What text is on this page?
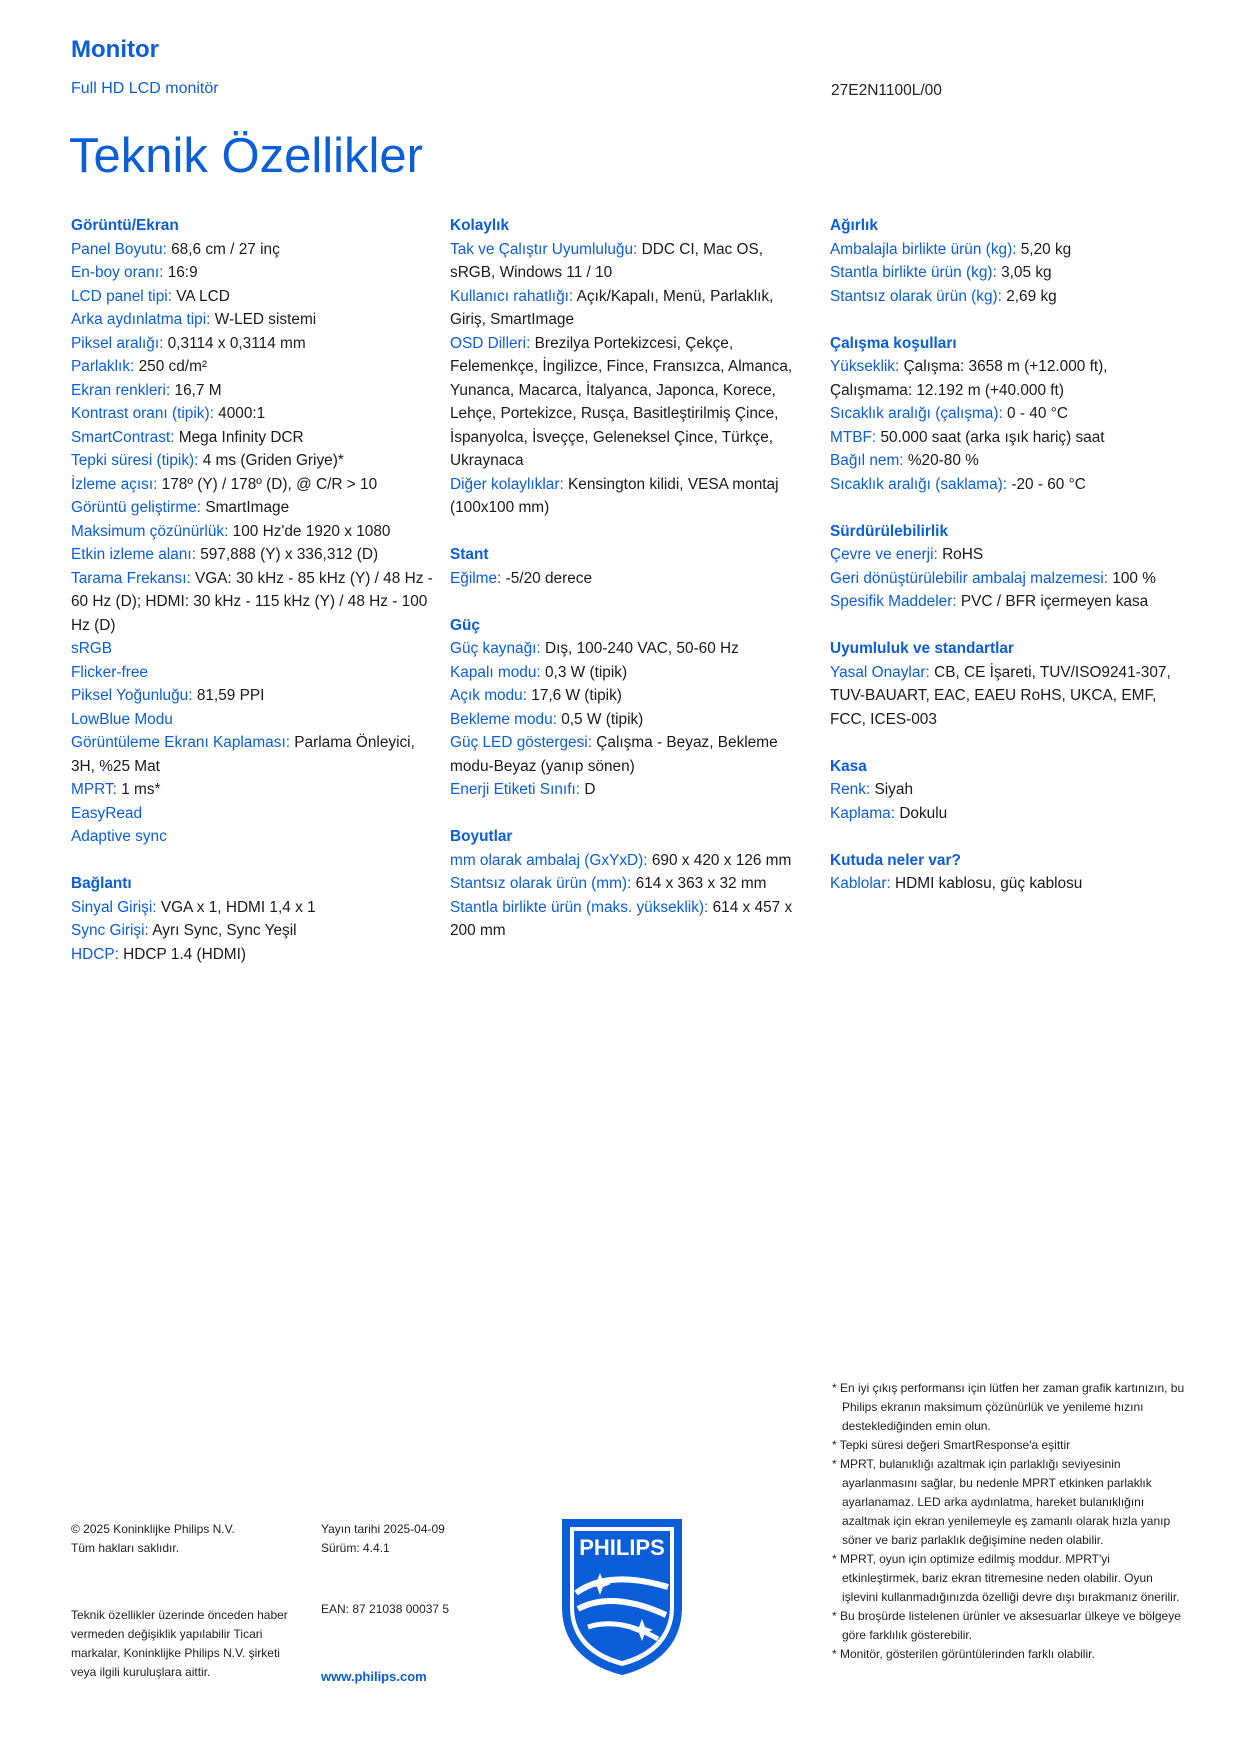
Monitor
Full HD LCD monitör	27E2N1100L/00
Teknik Özellikler
Görüntü/Ekran
Panel Boyutu: 68,6 cm / 27 inç
En-boy oranı: 16:9
LCD panel tipi: VA LCD
Arka aydınlatma tipi: W-LED sistemi
Piksel aralığı: 0,3114 x 0,3114 mm
Parlaklık: 250 cd/m²
Ekran renkleri: 16,7 M
Kontrast oranı (tipik): 4000:1
SmartContrast: Mega Infinity DCR
Tepki süresi (tipik): 4 ms (Griden Griye)*
İzleme açısı: 178º (Y) / 178º (D), @ C/R > 10
Görüntü geliştirme: SmartImage
Maksimum çözünürlük: 100 Hz'de 1920 x 1080
Etkin izleme alanı: 597,888 (Y) x 336,312 (D)
Tarama Frekansı: VGA: 30 kHz - 85 kHz (Y) / 48 Hz - 60 Hz (D); HDMI: 30 kHz - 115 kHz (Y) / 48 Hz - 100 Hz (D)
sRGB
Flicker-free
Piksel Yoğunluğu: 81,59 PPI
LowBlue Modu
Görüntüleme Ekranı Kaplaması: Parlama Önleyici, 3H, %25 Mat
MPRT: 1 ms*
EasyRead
Adaptive sync
Bağlantı
Sinyal Girişi: VGA x 1, HDMI 1,4 x 1
Sync Girişi: Ayrı Sync, Sync Yeşil
HDCP: HDCP 1.4 (HDMI)
Kolaylık
Tak ve Çalıştır Uyumluluğu: DDC CI, Mac OS, sRGB, Windows 11 / 10
Kullanıcı rahatlığı: Açık/Kapalı, Menü, Parlaklık, Giriş, SmartImage
OSD Dilleri: Brezilya Portekizcesi, Çekçe, Felemenkçe, İngilizce, Fince, Fransızca, Almanca, Yunanca, Macarca, İtalyanca, Japonca, Korece, Lehçe, Portekizce, Rusça, Basitleştirilmiş Çince, İspanyolca, İsveççe, Geleneksel Çince, Türkçe, Ukraynaca
Diğer kolaylıklar: Kensington kilidi, VESA montaj (100x100 mm)
Stant
Eğilme: -5/20 derece
Güç
Güç kaynağı: Dış, 100-240 VAC, 50-60 Hz
Kapalı modu: 0,3 W (tipik)
Açık modu: 17,6 W (tipik)
Bekleme modu: 0,5 W (tipik)
Güç LED göstergesi: Çalışma - Beyaz, Bekleme modu-Beyaz (yanıp sönen)
Enerji Etiketi Sınıfı: D
Boyutlar
mm olarak ambalaj (GxYxD): 690 x 420 x 126 mm
Stantsız olarak ürün (mm): 614 x 363 x 32 mm
Stantla birlikte ürün (maks. yükseklik): 614 x 457 x 200 mm
Ağırlık
Ambalajla birlikte ürün (kg): 5,20 kg
Stantla birlikte ürün (kg): 3,05 kg
Stantsız olarak ürün (kg): 2,69 kg
Çalışma koşulları
Yükseklik: Çalışma: 3658 m (+12.000 ft), Çalışmama: 12.192 m (+40.000 ft)
Sıcaklık aralığı (çalışma): 0 - 40 °C
MTBF: 50.000 saat (arka ışık hariç) saat
Bağıl nem: %20-80 %
Sıcaklık aralığı (saklama): -20 - 60 °C
Sürdürülebilirlik
Çevre ve enerji: RoHS
Geri dönüştürülebilir ambalaj malzemesi: 100 %
Spesifik Maddeler: PVC / BFR içermeyen kasa
Uyumluluk ve standartlar
Yasal Onaylar: CB, CE İşareti, TUV/ISO9241-307, TUV-BAUART, EAC, EAEU RoHS, UKCA, EMF, FCC, ICES-003
Kasa
Renk: Siyah
Kaplama: Dokulu
Kutuda neler var?
Kablolar: HDMI kablosu, güç kablosu
© 2025 Koninklijke Philips N.V.
Tüm hakları saklıdır.
Teknik özellikler üzerinde önceden haber vermeden değişiklik yapılabilir Ticari markalar, Koninklijke Philips N.V. şirketi veya ilgili kuruluşlara aittir.
Yayın tarihi 2025-04-09
Sürüm: 4.4.1
EAN: 87 21038 00037 5
www.philips.com
PHILIPS
* En iyi çıkış performansı için lütfen her zaman grafik kartınızın, bu Philips ekranın maksimum çözünürlük ve yenileme hızını desteklediğinden emin olun.
* Tepki süresi değeri SmartResponse'a eşittir
* MPRT, bulanıklığı azaltmak için parlaklığı seviyesinin ayarlanmasını sağlar, bu nedenle MPRT etkinken parlaklık ayarlanamaz. LED arka aydınlatma, hareket bulanıklığını azaltmak için ekran yenilemeyle eş zamanlı olarak hızla yanıp söner ve bariz parlaklık değişimine neden olabilir.
* MPRT, oyun için optimize edilmiş moddur. MPRT'yi etkinleştirmek, bariz ekran titremesine neden olabilir. Oyun işlevini kullanmadığınızda özelliği devre dışı bırakmanız önerilir.
* Bu broşürde listelenen ürünler ve aksesuarlar ülkeye ve bölgeye göre farklılık gösterebilir.
* Monitör, gösterilen görüntülerinden farklı olabilir.
